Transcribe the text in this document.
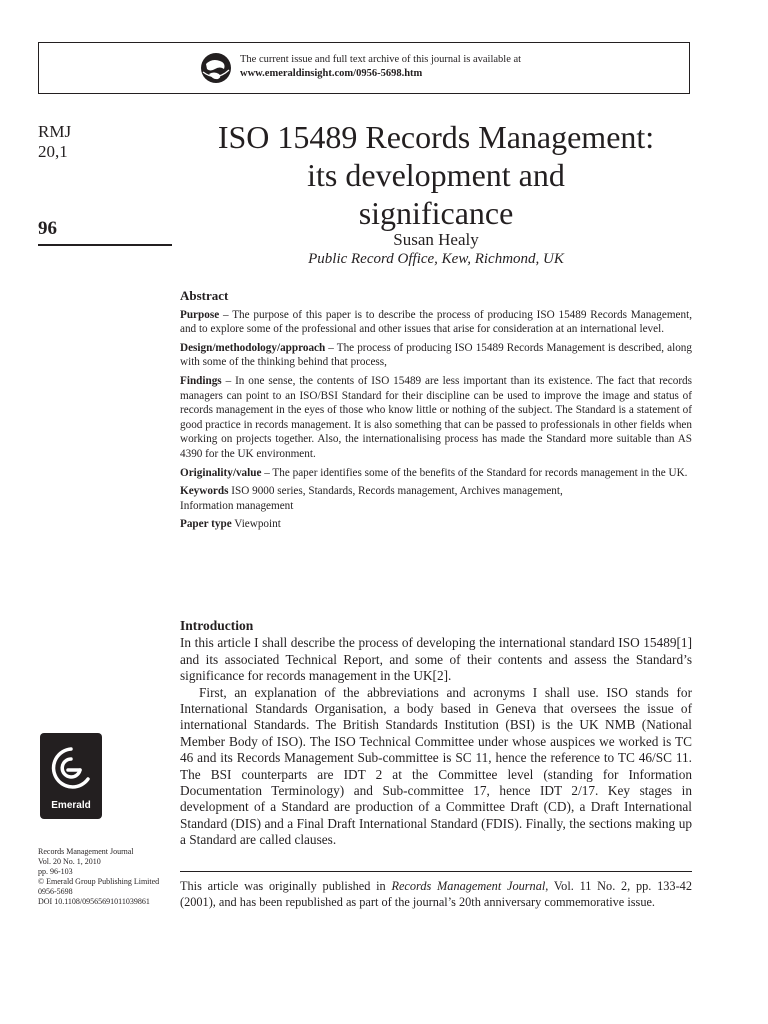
The current issue and full text archive of this journal is available at
www.emeraldinsight.com/0956-5698.htm
RMJ
20,1
96
ISO 15489 Records Management:
its development and
significance
Susan Healy
Public Record Office, Kew, Richmond, UK
Abstract

Purpose – The purpose of this paper is to describe the process of producing ISO 15489 Records Management, and to explore some of the professional and other issues that arise for consideration at an international level.

Design/methodology/approach – The process of producing ISO 15489 Records Management is described, along with some of the thinking behind that process,

Findings – In one sense, the contents of ISO 15489 are less important than its existence. The fact that records managers can point to an ISO/BSI Standard for their discipline can be used to improve the image and status of records management in the eyes of those who know little or nothing of the subject. The Standard is a statement of good practice in records management. It is also something that can be passed to professionals in other fields when working on projects together. Also, the internationalising process has made the Standard more suitable than AS 4390 for the UK environment.

Originality/value – The paper identifies some of the benefits of the Standard for records management in the UK.

Keywords ISO 9000 series, Standards, Records management, Archives management,
Information management

Paper type Viewpoint

Introduction

In this article I shall describe the process of developing the international standard ISO 15489[1] and its associated Technical Report, and some of their contents and assess the Standard’s significance for records management in the UK[2].

First, an explanation of the abbreviations and acronyms I shall use. ISO stands for International Standards Organisation, a body based in Geneva that oversees the issue of international Standards. The British Standards Institution (BSI) is the UK NMB (National Member Body of ISO). The ISO Technical Committee under whose auspices we worked is TC 46 and its Records Management Sub-committee is SC 11, hence the reference to TC 46/SC 11. The BSI counterparts are IDT 2 at the Committee level (standing for Information Documentation Terminology) and Sub-committee 17, hence IDT 2/17. Key stages in development of a Standard are production of a Committee Draft (CD), a Draft International Standard (DIS) and a Final Draft International Standard (FDIS). Finally, the sections making up a Standard are called clauses.

Emerald
Records Management Journal
Vol. 20 No. 1, 2010
pp. 96-103
© Emerald Group Publishing Limited
0956-5698
DOI 10.1108/09565691011039861
This article was originally published in Records Management Journal, Vol. 11 No. 2, pp. 133-42 (2001), and has been republished as part of the journal’s 20th anniversary commemorative issue.
